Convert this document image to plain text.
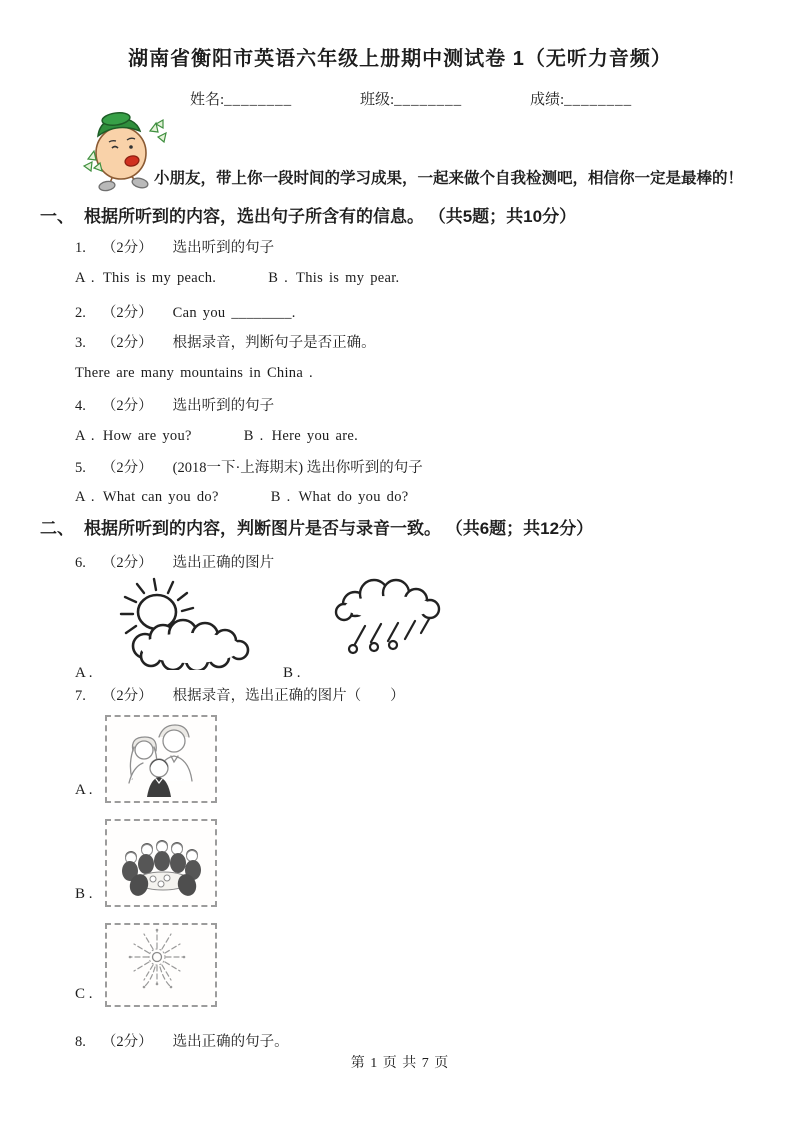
湖南省衡阳市英语六年级上册期中测试卷 1（无听力音频）
姓名:________	班级:________	成绩:________

小朋友，带上你一段时间的学习成果，一起来做个自我检测吧，相信你一定是最棒的！

一、 根据所听到的内容，选出句子所含有的信息。 （共5题；共10分）

1. （2分） 选出听到的句子

A . This is my peach.	B . This is my pear.

2. （2分） Can you ________.

3. （2分） 根据录音，判断句子是否正确。

There are many mountains in China .

4. （2分） 选出听到的句子

A . How are you?	B . Here you are.

5. （2分） (2018一下·上海期末) 选出你听到的句子

A . What can you do?	B . What do you do?
二、 根据所听到的内容，判断图片是否与录音一致。 （共6题；共12分）

6. （2分） 选出正确的图片

A .	B .

7. （2分） 根据录音，选出正确的图片（　　）

A .
B .
C .

8. （2分） 选出正确的句子。

第 1 页 共 7 页
